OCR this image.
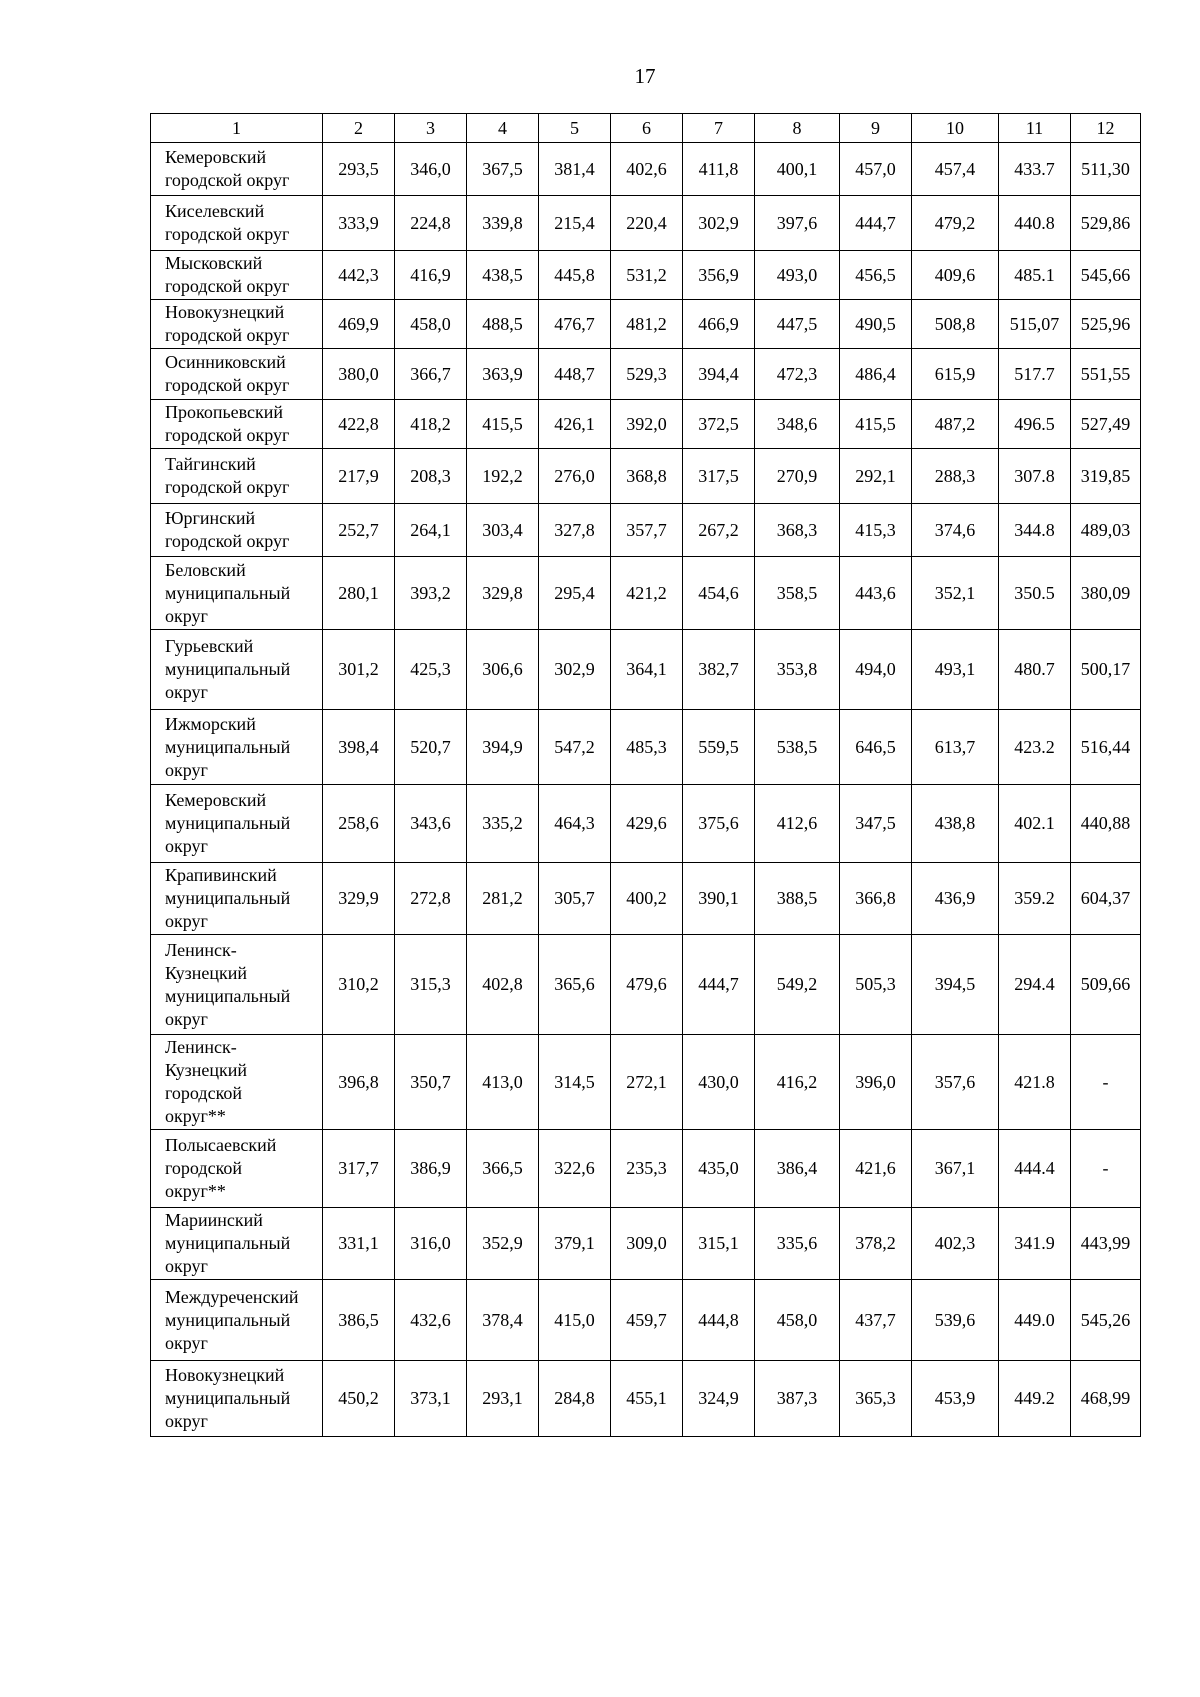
17
1	2	3	4	5	6	7	8	9	10	11	12
Кемеровский
городской округ	293,5	346,0	367,5	381,4	402,6	411,8	400,1	457,0	457,4	433.7	511,30
Киселевский
городской округ	333,9	224,8	339,8	215,4	220,4	302,9	397,6	444,7	479,2	440.8	529,86
Мысковский
городской округ	442,3	416,9	438,5	445,8	531,2	356,9	493,0	456,5	409,6	485.1	545,66
Новокузнецкий
городской округ	469,9	458,0	488,5	476,7	481,2	466,9	447,5	490,5	508,8	515,07	525,96
Осинниковский
городской округ	380,0	366,7	363,9	448,7	529,3	394,4	472,3	486,4	615,9	517.7	551,55
Прокопьевский
городской округ	422,8	418,2	415,5	426,1	392,0	372,5	348,6	415,5	487,2	496.5	527,49
Тайгинский
городской округ	217,9	208,3	192,2	276,0	368,8	317,5	270,9	292,1	288,3	307.8	319,85
Юргинский
городской округ	252,7	264,1	303,4	327,8	357,7	267,2	368,3	415,3	374,6	344.8	489,03
Беловский
муниципальный
округ	280,1	393,2	329,8	295,4	421,2	454,6	358,5	443,6	352,1	350.5	380,09
Гурьевский
муниципальный
округ	301,2	425,3	306,6	302,9	364,1	382,7	353,8	494,0	493,1	480.7	500,17
Ижморский
муниципальный
округ	398,4	520,7	394,9	547,2	485,3	559,5	538,5	646,5	613,7	423.2	516,44
Кемеровский
муниципальный
округ	258,6	343,6	335,2	464,3	429,6	375,6	412,6	347,5	438,8	402.1	440,88
Крапивинский
муниципальный
округ	329,9	272,8	281,2	305,7	400,2	390,1	388,5	366,8	436,9	359.2	604,37
Ленинск-
Кузнецкий
муниципальный
округ	310,2	315,3	402,8	365,6	479,6	444,7	549,2	505,3	394,5	294.4	509,66
Ленинск-
Кузнецкий
городской
округ**	396,8	350,7	413,0	314,5	272,1	430,0	416,2	396,0	357,6	421.8	-
Полысаевский
городской
округ**	317,7	386,9	366,5	322,6	235,3	435,0	386,4	421,6	367,1	444.4	-
Мариинский
муниципальный
округ	331,1	316,0	352,9	379,1	309,0	315,1	335,6	378,2	402,3	341.9	443,99
Междуреченский
муниципальный
округ	386,5	432,6	378,4	415,0	459,7	444,8	458,0	437,7	539,6	449.0	545,26
Новокузнецкий
муниципальный
округ	450,2	373,1	293,1	284,8	455,1	324,9	387,3	365,3	453,9	449.2	468,99
